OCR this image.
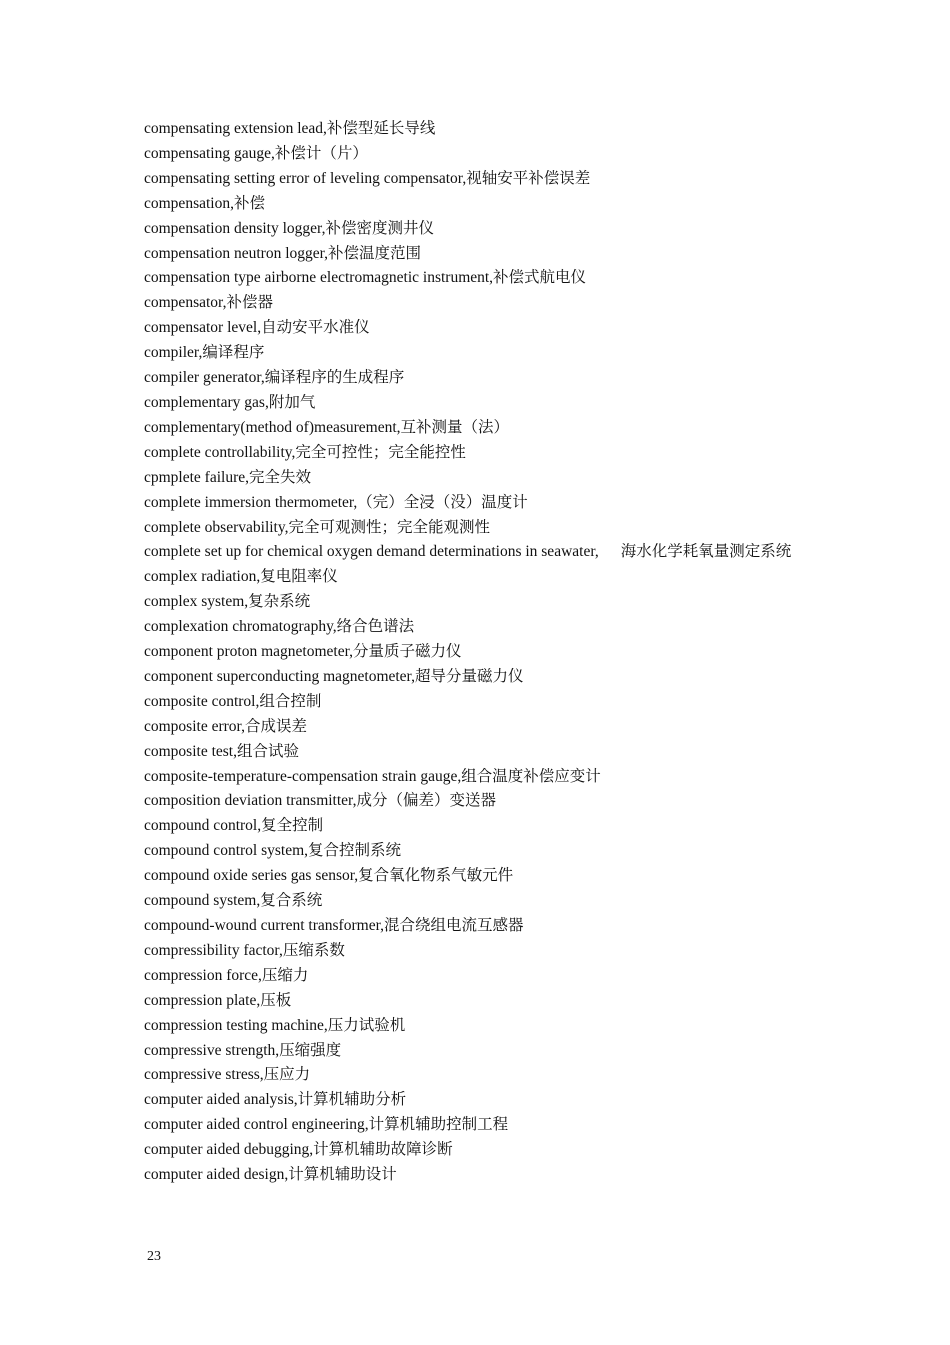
compensating extension lead,补偿型延长导线
compensating gauge,补偿计（片）
compensating setting error of leveling compensator,视轴安平补偿误差
compensation,补偿
compensation density logger,补偿密度测井仪
compensation neutron logger,补偿温度范围
compensation type airborne electromagnetic instrument,补偿式航电仪
compensator,补偿器
compensator level,自动安平水准仪
compiler,编译程序
compiler generator,编译程序的生成程序
complementary gas,附加气
complementary(method of)measurement,互补测量（法）
complete controllability,完全可控性；完全能控性
cpmplete failure,完全失效
complete immersion thermometer,（完）全浸（没）温度计
complete observability,完全可观测性；完全能观测性
complete set up for chemical oxygen demand determinations in seawater, 海水化学耗氧量测定系统
complex radiation,复电阻率仪
complex system,复杂系统
complexation chromatography,络合色谱法
component proton magnetometer,分量质子磁力仪
component superconducting magnetometer,超导分量磁力仪
composite control,组合控制
composite error,合成误差
composite test,组合试验
composite-temperature-compensation strain gauge,组合温度补偿应变计
composition deviation transmitter,成分（偏差）变送器
compound control,复全控制
compound control system,复合控制系统
compound oxide series gas sensor,复合氧化物系气敏元件
compound system,复合系统
compound-wound current transformer,混合绕组电流互感器
compressibility factor,压缩系数
compression force,压缩力
compression plate,压板
compression testing machine,压力试验机
compressive strength,压缩强度
compressive stress,压应力
computer aided analysis,计算机辅助分析
computer aided control engineering,计算机辅助控制工程
computer aided debugging,计算机辅助故障诊断
computer aided design,计算机辅助设计
23
